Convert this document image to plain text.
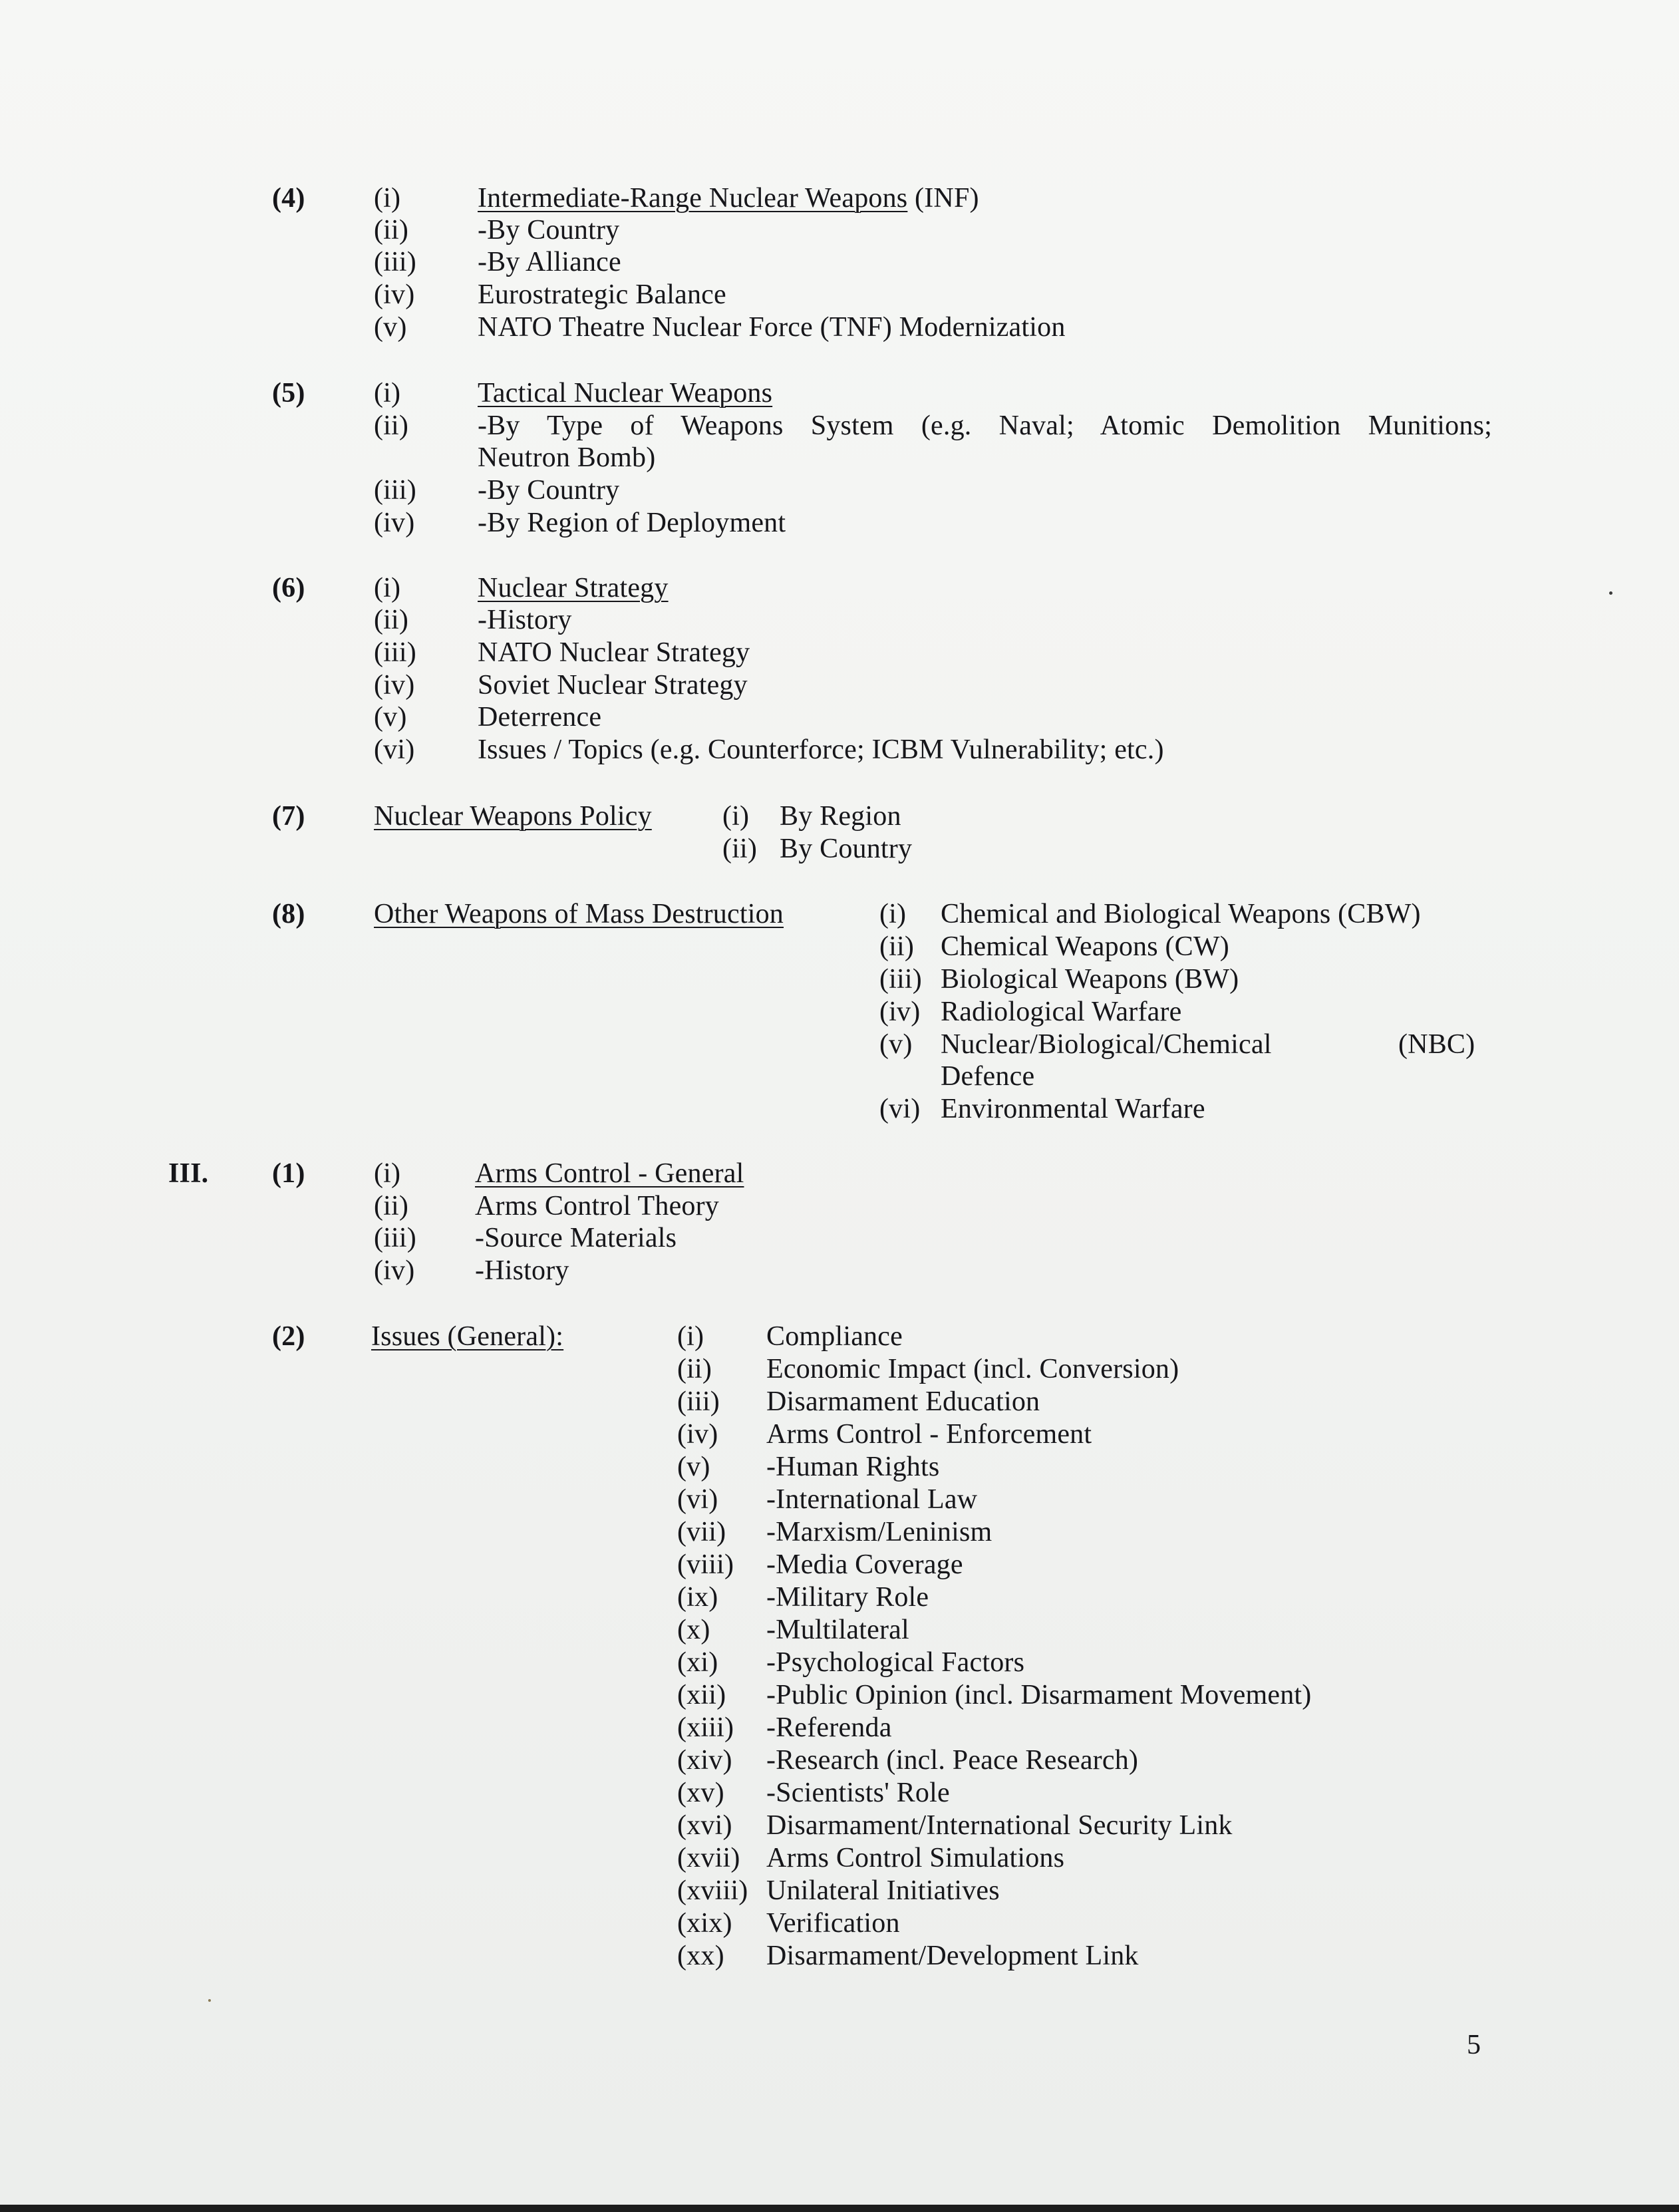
(4) (i)	Intermediate-Range Nuclear Weapons (INF)
(ii) -By Country
(iii) -By Alliance
(iv) Eurostrategic Balance
(v)	NATO Theatre Nuclear Force (TNF) Modernization
(5) (i)	Tactical Nuclear Weapons
(ii) -By Type of Weapons System (e.g. Naval; Atomic Demolition Munitions;
Neutron Bomb)
(iii) -By Country
(iv) -By Region of Deployment
(6) (i)	Nuclear Strategy
(ii) -History
(iii) NATO Nuclear Strategy
(iv) Soviet Nuclear Strategy
(v)	Deterrence
(vi) Issues / Topics (e.g. Counterforce; ICBM Vulnerability; etc.)
(7) Nuclear Weapons Policy	(i) By Region
(ii) By Country
(8) Other Weapons of Mass Destruction	(i) Chemical and Biological Weapons (CBW)
(ii) Chemical Weapons (CW)
(iii) Biological Weapons (BW)
(iv) Radiological Warfare
(v) Nuclear/Biological/Chemical	(NBC)
Defence
(vi) Environmental Warfare
III. (1) (i)	Arms Control - General
(ii) Arms Control Theory
(iii) -Source Materials
(iv) -History
(2) Issues (General):	(i) Compliance
(ii) Economic Impact (incl. Conversion)
(iii) Disarmament Education
(iv) Arms Control - Enforcement
(v) -Human Rights
(vi) -International Law
(vii) -Marxism/Leninism
(viii) -Media Coverage
(ix) -Military Role
(x) -Multilateral
(xi) -Psychological Factors
(xii) -Public Opinion (incl. Disarmament Movement)
(xiii) -Referenda
(xiv) -Research (incl. Peace Research)
(xv) -Scientists' Role
(xvi) Disarmament/International Security Link
(xvii) Arms Control Simulations
(xviii) Unilateral Initiatives
(xix) Verification
(xx) Disarmament/Development Link
5
